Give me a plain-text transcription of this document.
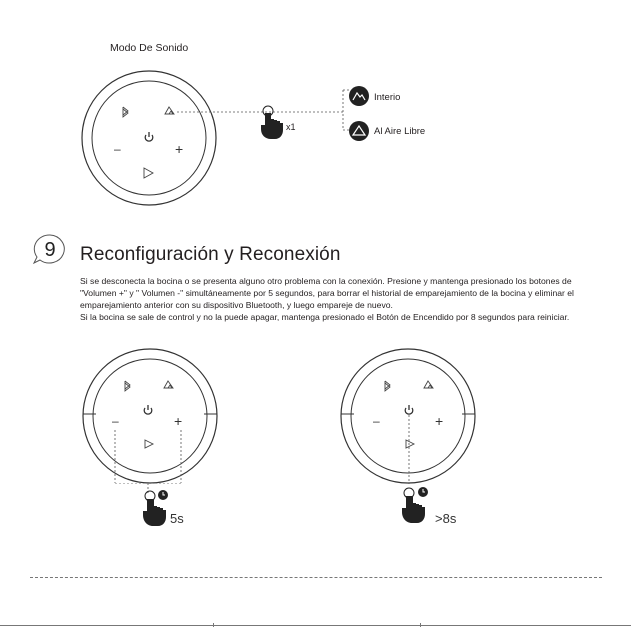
Modo De Sonido
–	+
x1
Interio
Al Aire Libre
9 Reconfiguración y Reconexión

Si se desconecta la bocina o se presenta alguno otro problema con la conexión. Presione y mantenga presionado los botones de "Volumen +" y " Volumen -" simultáneamente por 5 segundos, para borrar el historial de emparejamiento de la bocina y eliminar el emparejamiento anterior con su dispositivo Bluetooth, y luego empareje de nuevo.

Si la bocina se sale de control y no la puede apagar, mantenga presionado el Botón de Encendido por 8 segundos para reiniciar.

–	+
5s
–	+
>8s
